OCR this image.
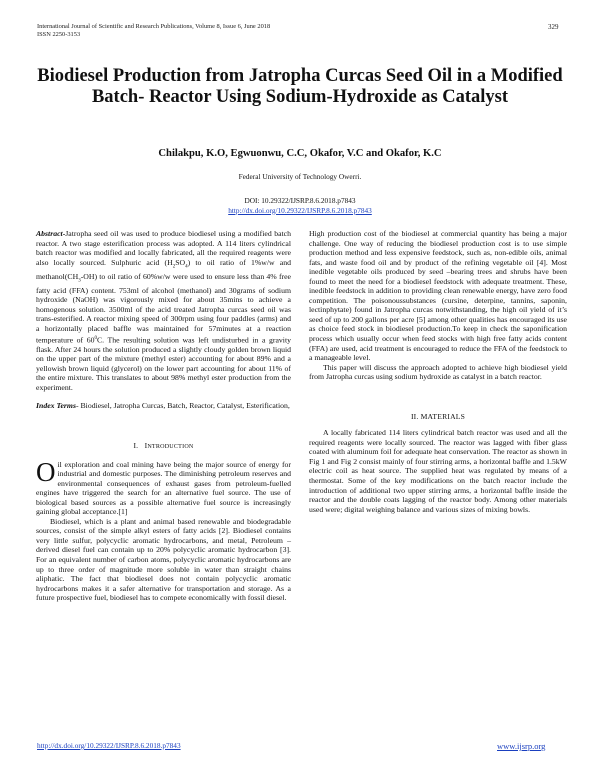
International Journal of Scientific and Research Publications, Volume 8, Issue 6, June 2018
ISSN 2250-3153
329
Biodiesel Production from Jatropha Curcas Seed Oil in a Modified Batch- Reactor Using Sodium-Hydroxide as Catalyst
Chilakpu, K.O, Egwuonwu, C.C, Okafor, V.C and Okafor, K.C
Federal University of Technology Owerri.
DOI: 10.29322/IJSRP.8.6.2018.p7843
http://dx.doi.org/10.29322/IJSRP.8.6.2018.p7843

Abstract-Jatropha seed oil was used to produce biodiesel using a modified batch reactor. A two stage esterification process was adopted. A 114 liters cylindrical batch reactor was modified and locally fabricated, all the required reagents were also locally sourced. Sulphuric acid $(H_2SO_4)$ to oil ratio of 1%w/w and $methanol(CH_3-OH)$ to oil ratio of 60%w/w were used to ensure less than 4% free fatty acid (FFA) content. 753ml of alcohol (methanol) and 30grams of sodium hydroxide (NaOH) was vigorously mixed for about 35mins to achieve a homogenous solution. 3500ml of the acid treated Jatropha curcas seed oil was trans-esterified. A reactor mixing speed of 300rpm using four paddles (arms) and a horizontally placed baffle was maintained for 57minutes at a reaction temperature of $60^0C$. The resulting solution was left undisturbed in a gravity flask. After 24 hours the solution produced a slightly cloudy golden brown liquid on the upper part of the mixture (methyl ester) accounting for about 89% and a yellowish brown liquid (glycerol) on the lower part accounting for about 11% of the entire mixture. This translates to about 98% methyl ester production from the experiment.

Index Terms- Biodiesel, Jatropha Curcas, Batch, Reactor, Catalyst, Esterification,

I. INTRODUCTION

Oil exploration and coal mining have being the major source of energy for industrial and domestic purposes. The diminishing petroleum reserves and environmental consequences of exhaust gases from petroleum-fuelled engines have triggered the search for an alternative fuel source. The use of biological based sources as a possible alternative fuel source is increasingly gaining global acceptance.[1]

Biodiesel, which is a plant and animal based renewable and biodegradable sources, consist of the simple alkyl esters of fatty acids [2]. Biodiesel contains very little sulfur, polycyclic aromatic hydrocarbons, and metal, Petroleum –derived diesel fuel can contain up to 20% polycyclic aromatic hydrocarbon [3]. For an equivalent number of carbon atoms, polycyclic aromatic hydrocarbons are up to three order of magnitude more soluble in water than straight chains aliphatic. The fact that biodiesel does not contain polycyclic aromatic hydrocarbons makes it a safer alternative for transportation and storage. As a future prospective fuel, biodiesel has to compete economically with fossil diesel.

High production cost of the biodiesel at commercial quantity has being a major challenge. One way of reducing the biodiesel production cost is to use simple production method and less expensive feedstock, such as, non-edible oils, animal fats, and waste food oil and by product of the refining vegetable oil [4]. Most inedible vegetable oils produced by seed –bearing trees and shrubs have been found to meet the need for a biodiesel feedstock with adequate treatment. These, inedible feedstock in addition to providing clean renewable energy, have zero food competition. The poisonoussubstances (cursine, deterpine, tannins, saponin, lectinphytate) found in Jatropha curcas notwithstanding, the high oil yield of it’s seed of up to 200 gallons per acre [5] among other qualities has encouraged its use as choice feed stock in biodiesel production.To keep in check the saponification process which usually occur when feed stocks with high free fatty acids content (FFA) are used, acid treatment is encouraged to reduce the FFA of the feedstock to a manageable level.

This paper will discuss the approach adopted to achieve high biodiesel yield from Jatropha curcas using sodium hydroxide as catalyst in a batch reactor.

II. MATERIALS

A locally fabricated 114 liters cylindrical batch reactor was used and all the required reagents were locally sourced. The reactor was lagged with fiber glass coated with aluminum foil for adequate heat conservation. The reactor as shown in Fig 1 and Fig 2 consist mainly of four stirring arms, a horizontal baffle and 1.5kW electric coil as heat source. The supplied heat was regulated by means of a thermostat. Some of the key modifications on the batch reactor include the introduction of additional two upper stirring arms, a horizontal baffle inside the reactor and the double coats lagging of the reactor body. Among other materials used were; digital weighing balance and various sizes of mixing bowls.

http://dx.doi.org/10.29322/IJSRP.8.6.2018.p7843	www.ijsrp.org
